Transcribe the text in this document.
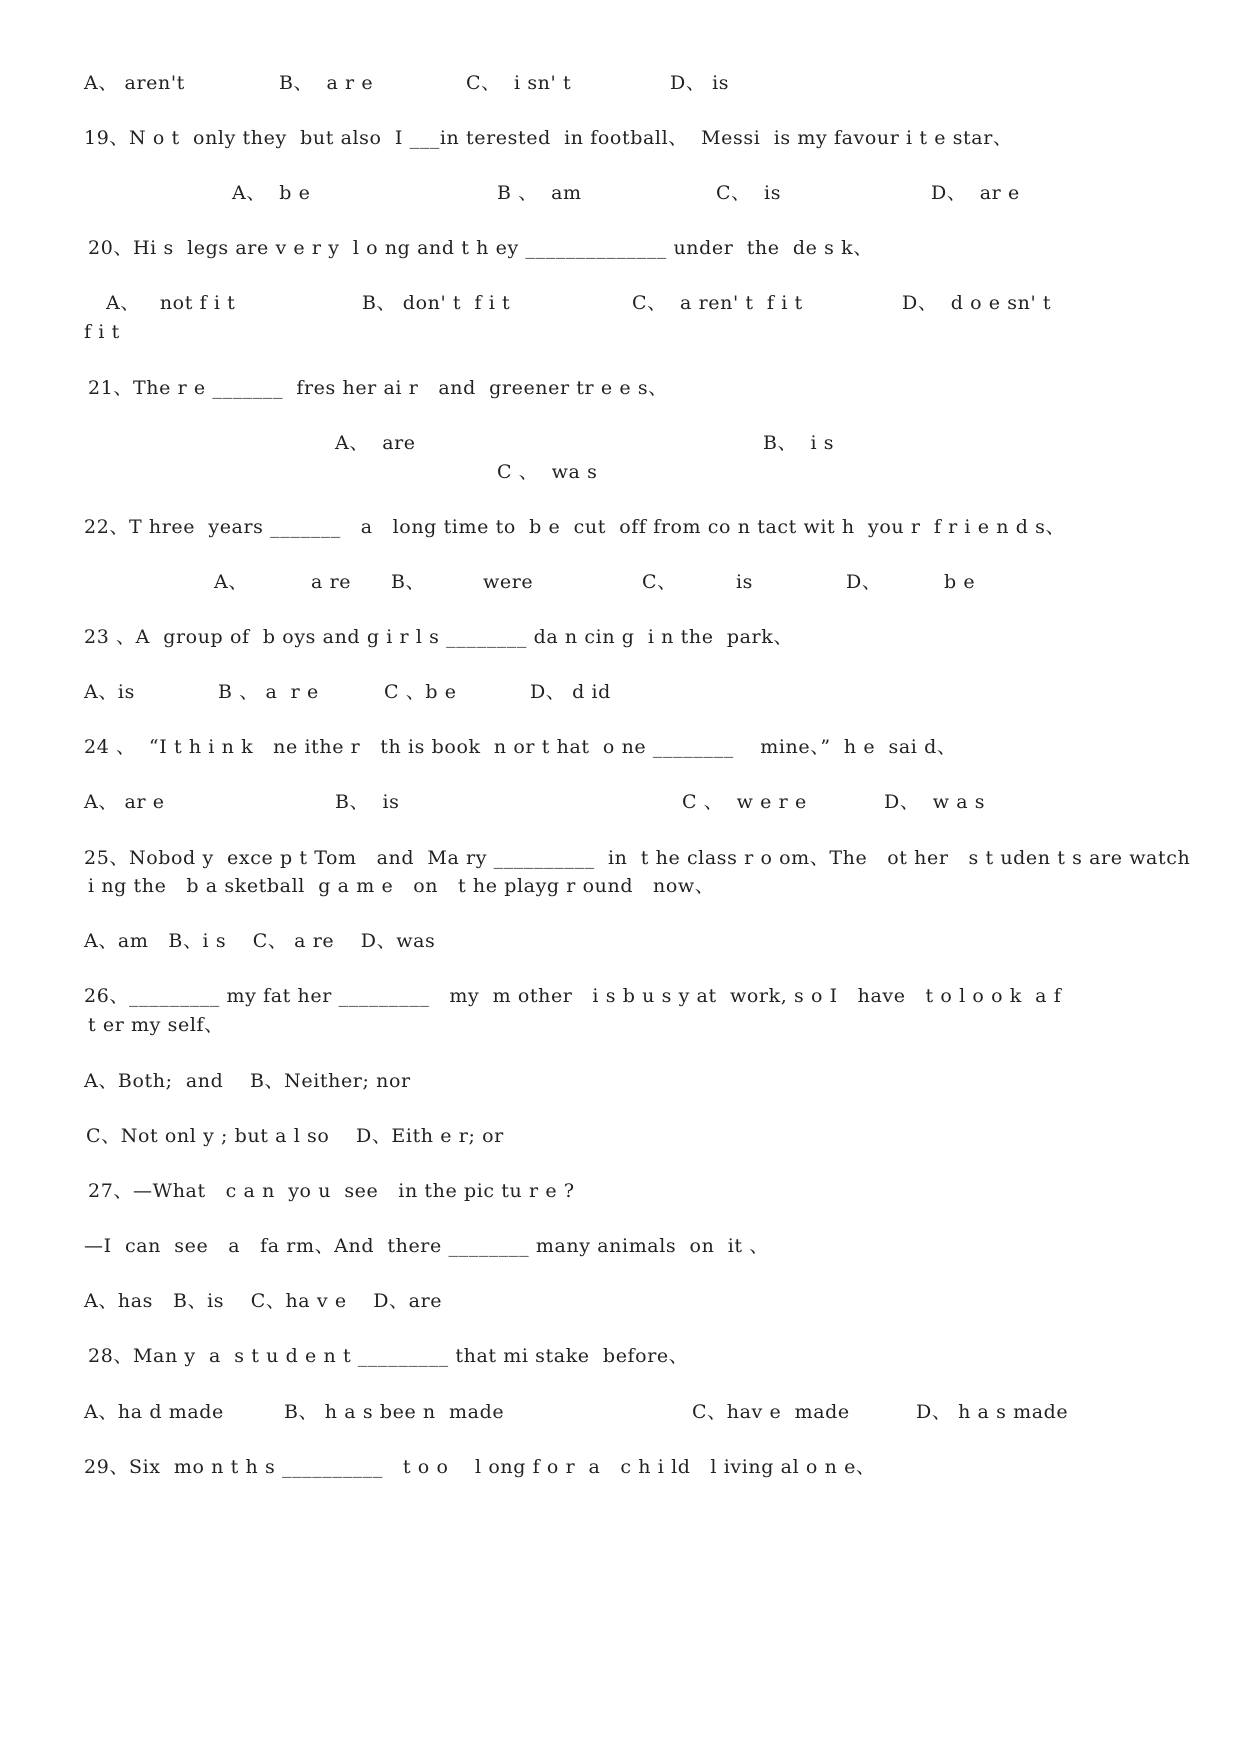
A、 aren't	B、  a r e	C、  i sn' t	D、 is
19、N o t  only they  but also  I ___in terested  in football、  Messi  is my favour i t e star、
A、  b e	B 、  am	C、  is	D、  ar e
20、Hi s  legs are v e r y  l o ng and t h ey ______________ under  the  de s k、
A、   not f i t	B、 don' t  f i t	C、  a ren' t  f i t	D、  d o e sn' t
f i t
21、The r e _______  fres her ai r   and  greener tr e e s、
A、  are	B、  i s
C 、  wa s
22、T hree  years _______   a   long time to  b e  cut  off from co n tact wit h  you r  f r i e n d s、
A、	a re B、	were	C、	is	D、	b e
23 、A  group of  b oys and g i r l s ________ da n cin g  i n the  park、
A、is	B 、 a  r e	C 、b e	D、 d id
24 、  “I t h i n k   ne ithe r   th is book  n or t hat  o ne ________    mine、”  h e  sai d、
A、 ar e	B、  is	C 、  w e r e	D、  w a s
25、Nobod y  exce p t Tom   and  Ma ry __________  in  t he class r o om、The   ot her   s t uden t s are watch
i ng the   b a sketball  g a m e   on   t he playg r ound   now、
A、am   B、i s    C、 a re    D、was
26、_________ my fat her _________   my  m other   i s b u s y at  work, s o I   have   t o l o o k  a f
t er my self、
A、Both;  and    B、Neither; nor
C、Not onl y ; but a l so    D、Eith e r; or
27、—What   c a n  yo u  see   in the pic tu r e ?
—I  can  see   a   fa rm、And  there ________ many animals  on  it 、
A、has   B、is    C、ha v e    D、are
28、Man y  a  s t u d e n t _________ that mi stake  before、
A、ha d made	B、 h a s bee n  made	C、hav e  made	D、 h a s made
29、Six  mo n t h s __________   t o o    l ong f o r  a   c h i ld   l iving al o n e、
